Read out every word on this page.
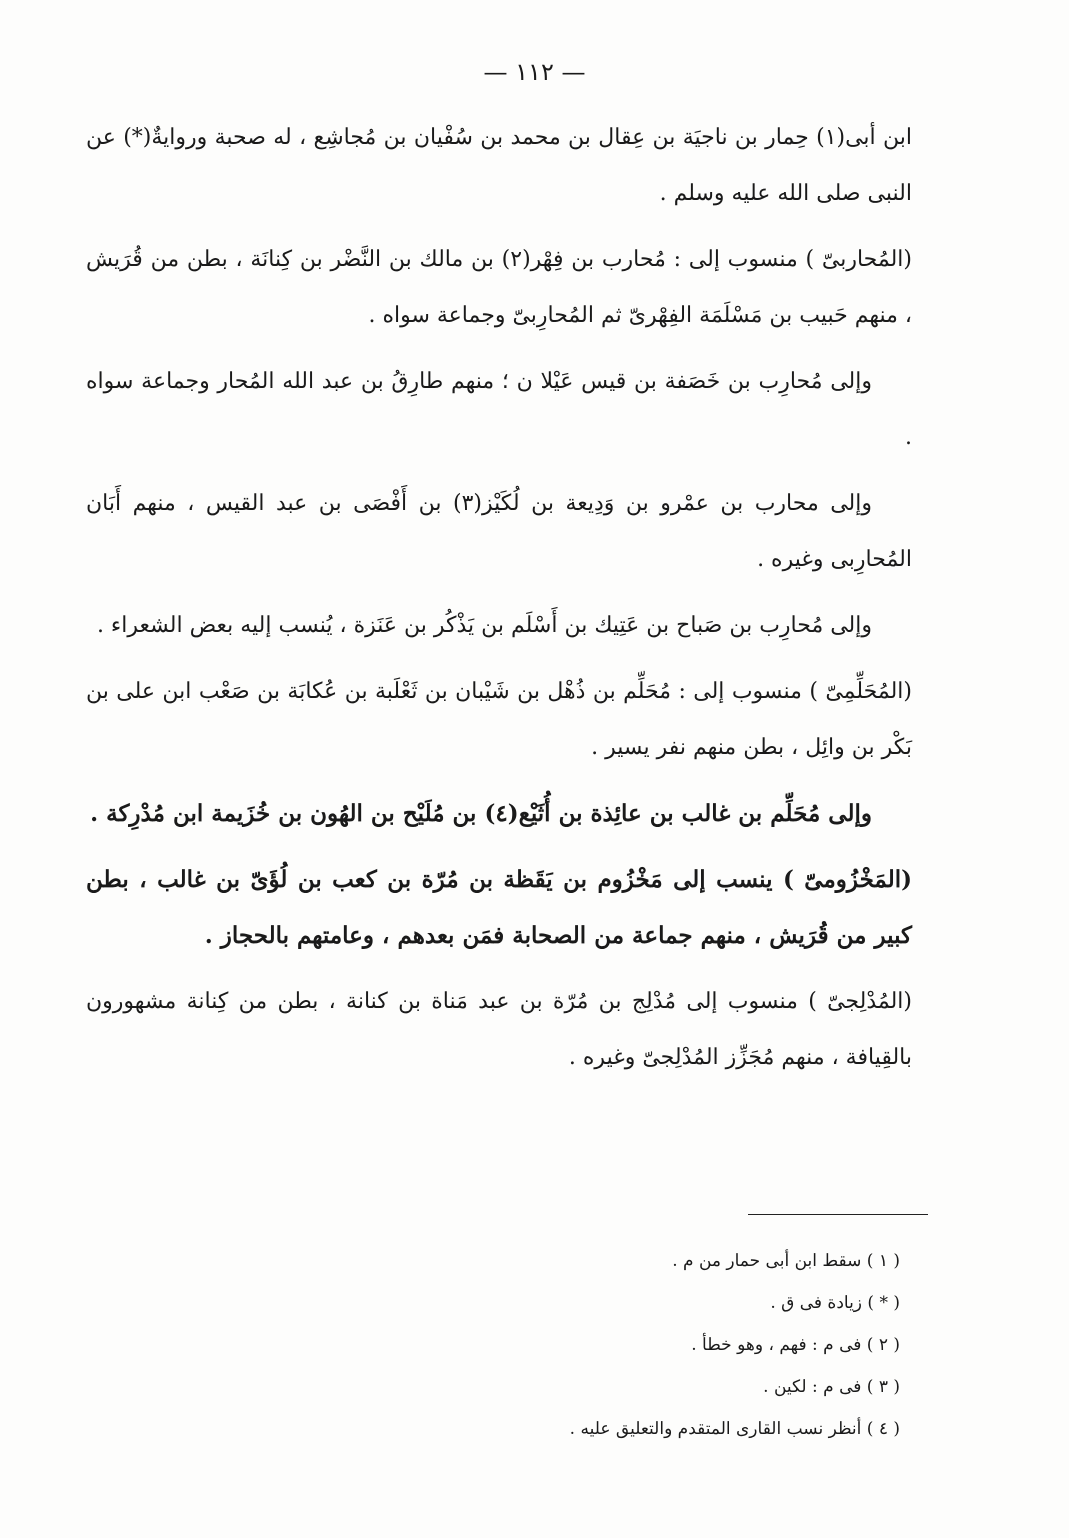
— ١١٢ —

ابن أبى(١) حِمار بن ناجيَة بن عِقال بن محمد بن سُفْيان بن مُجاشِع ، له صحبة وروايةٌ(*) عن النبى صلى الله عليه وسلم .

(المُحاربىّ ) منسوب إلى : مُحارب بن فِهْر(٢) بن مالك بن النَّضْر بن كِنانَة ، بطن من قُرَيش ، منهم حَبيب بن مَسْلَمَة الفِهْرىّ ثم المُحارِبىّ وجماعة سواه .

وإلى مُحارِب بن خَصَفة بن قيس عَيْلا ن ؛ منهم طارِقُ بن عبد الله المُحار وجماعة سواه .

وإلى محارب بن عمْرو بن وَدِيعة بن لُكَيْز(٣) بن أَفْصَى بن عبد القيس ، منهم أَبَان المُحارِبى وغيره .

وإلى مُحارِب بن صَباح بن عَتِيك بن أَسْلَم بن يَذْكُر بن عَنَزة ، يُنسب إليه بعض الشعراء .

(المُحَلِّمِىّ ) منسوب إلى : مُحَلِّم بن ذُهْل بن شَيْبان بن ثَعْلَبة بن عُكابَة بن صَعْب ابن على بن بَكْر بن وائِل ، بطن منهم نفر يسير .

وإلى مُحَلِّم بن غالب بن عائِذة بن أُثَيْع(٤) بن مُلَيْح بن الهُون بن خُزَيمة ابن مُدْرِكة .

(المَخْزُومىّ ) ينسب إلى مَخْزُوم بن يَقَظة بن مُرّة بن كعب بن لُؤَىّ بن غالب ، بطن كبير من قُرَيش ، منهم جماعة من الصحابة فمَن بعدهم ، وعامتهم بالحجاز .

(المُدْلِجىّ ) منسوب إلى مُدْلِج بن مُرّة بن عبد مَناة بن كنانة ، بطن من كِنانة مشهورون بالقِيافة ، منهم مُجَزِّز المُدْلِجىّ وغيره .

( ١ ) سقط ابن أبى حمار من م .
( * ) زيادة فى ق .
( ٢ ) فى م : فهم ، وهو خطأ .
( ٣ ) فى م : لكين .
( ٤ ) أنظر نسب القارى المتقدم والتعليق عليه .
